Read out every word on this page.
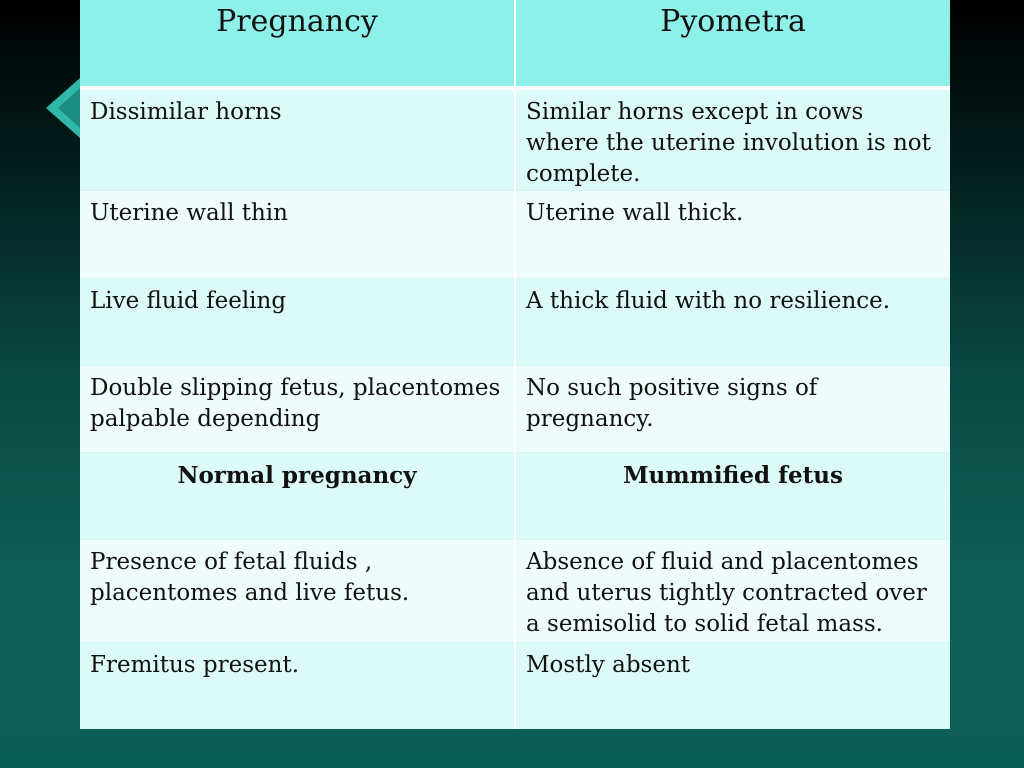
Pregnancy	Pyometra
Dissimilar horns	Similar horns except in cows where the uterine involution is not complete.
Uterine wall thin	Uterine wall thick.
Live fluid feeling	A thick fluid with no resilience.
Double slipping fetus, placentomes palpable depending	No such positive signs of pregnancy.
Normal pregnancy	Mummified fetus
Presence of fetal fluids , placentomes and live fetus.	Absence of fluid and placentomes and uterus tightly contracted over a semisolid to solid fetal mass.
Fremitus present.	Mostly absent
